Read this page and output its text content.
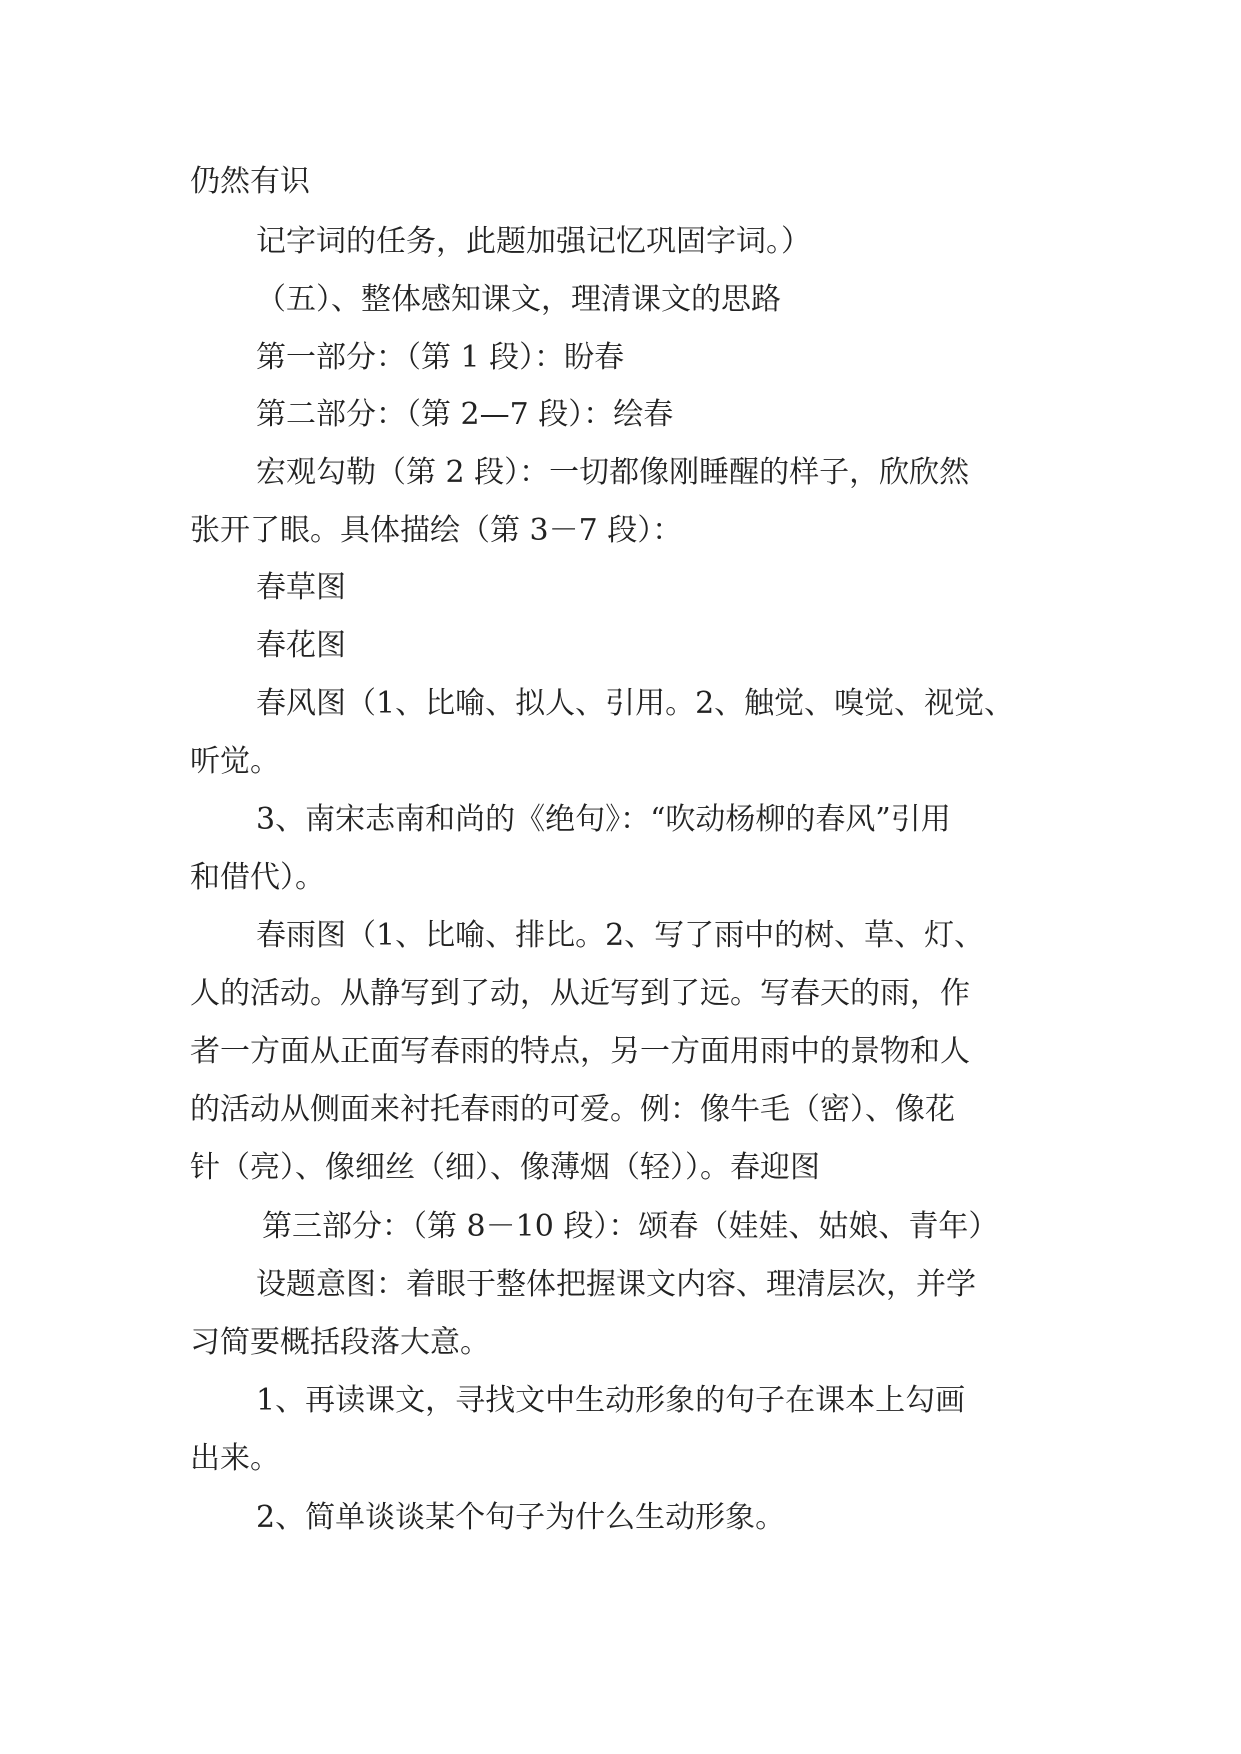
仍然有识
记字词的任务，此题加强记忆巩固字词。）
（五）、整体感知课文，理清课文的思路
第一部分：（第 1 段）：盼春
第二部分：（第 2—7 段）：绘春
宏观勾勒（第 2 段）：一切都像刚睡醒的样子，欣欣然
张开了眼。具体描绘（第 3－7 段）：
春草图
春花图
春风图（1、比喻、拟人、引用。2、触觉、嗅觉、视觉、
听觉。
3、南宋志南和尚的《绝句》：“吹动杨柳的春风”引用
和借代）。
春雨图（1、比喻、排比。2、写了雨中的树、草、灯、
人的活动。从静写到了动，从近写到了远。写春天的雨，作
者一方面从正面写春雨的特点，另一方面用雨中的景物和人
的活动从侧面来衬托春雨的可爱。例：像牛毛（密）、像花
针（亮）、像细丝（细）、像薄烟（轻））。春迎图
第三部分：（第 8－10 段）：颂春（娃娃、姑娘、青年）
设题意图：着眼于整体把握课文内容、理清层次，并学
习简要概括段落大意。
1、再读课文，寻找文中生动形象的句子在课本上勾画
出来。
2、简单谈谈某个句子为什么生动形象。
